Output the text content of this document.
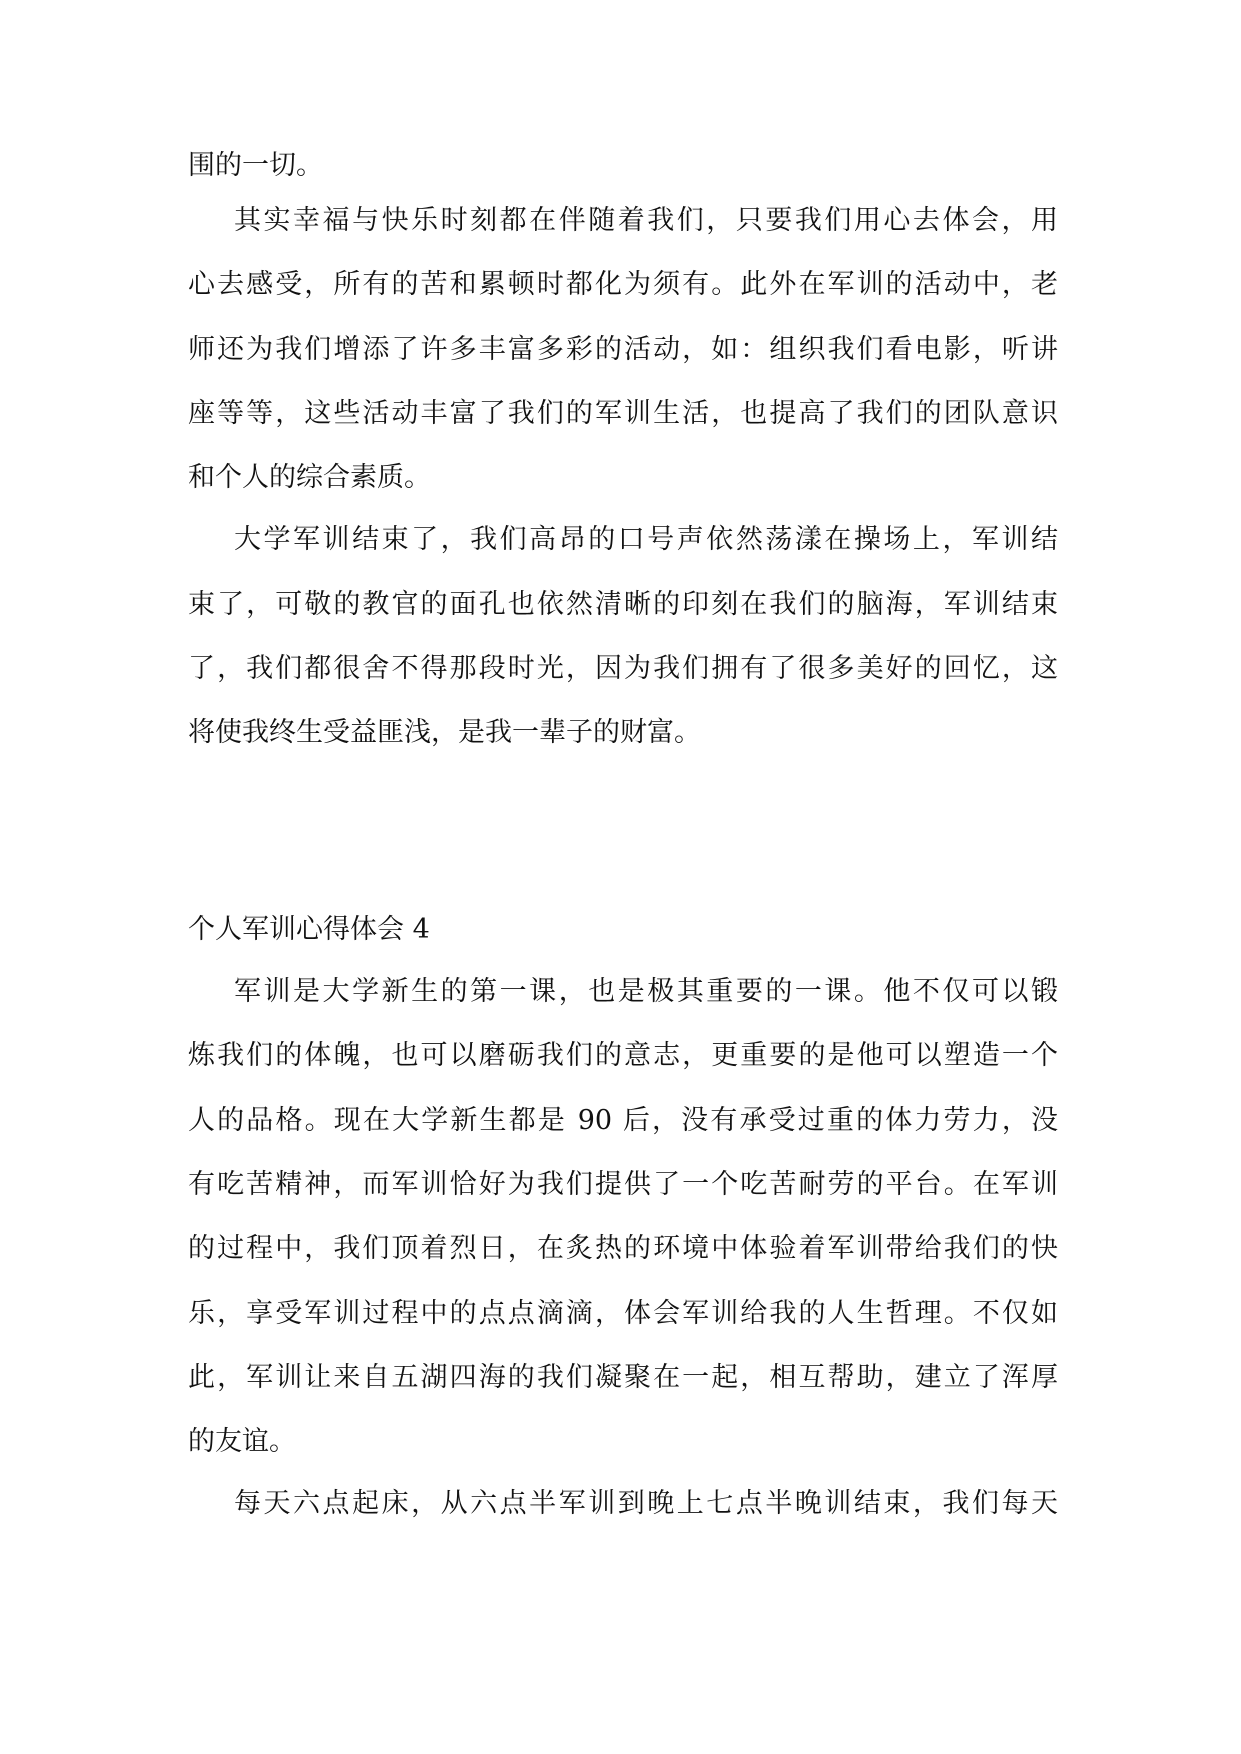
围的一切。
其实幸福与快乐时刻都在伴随着我们，只要我们用心去体会，用
心去感受，所有的苦和累顿时都化为须有。此外在军训的活动中，老
师还为我们增添了许多丰富多彩的活动，如：组织我们看电影，听讲
座等等，这些活动丰富了我们的军训生活，也提高了我们的团队意识
和个人的综合素质。
大学军训结束了，我们高昂的口号声依然荡漾在操场上，军训结
束了，可敬的教官的面孔也依然清晰的印刻在我们的脑海，军训结束
了，我们都很舍不得那段时光，因为我们拥有了很多美好的回忆，这
将使我终生受益匪浅，是我一辈子的财富。
个人军训心得体会 4
军训是大学新生的第一课，也是极其重要的一课。他不仅可以锻
炼我们的体魄，也可以磨砺我们的意志，更重要的是他可以塑造一个
人的品格。现在大学新生都是 90 后，没有承受过重的体力劳力，没
有吃苦精神，而军训恰好为我们提供了一个吃苦耐劳的平台。在军训
的过程中，我们顶着烈日，在炙热的环境中体验着军训带给我们的快
乐，享受军训过程中的点点滴滴，体会军训给我的人生哲理。不仅如
此，军训让来自五湖四海的我们凝聚在一起，相互帮助，建立了浑厚
的友谊。
每天六点起床，从六点半军训到晚上七点半晚训结束，我们每天
